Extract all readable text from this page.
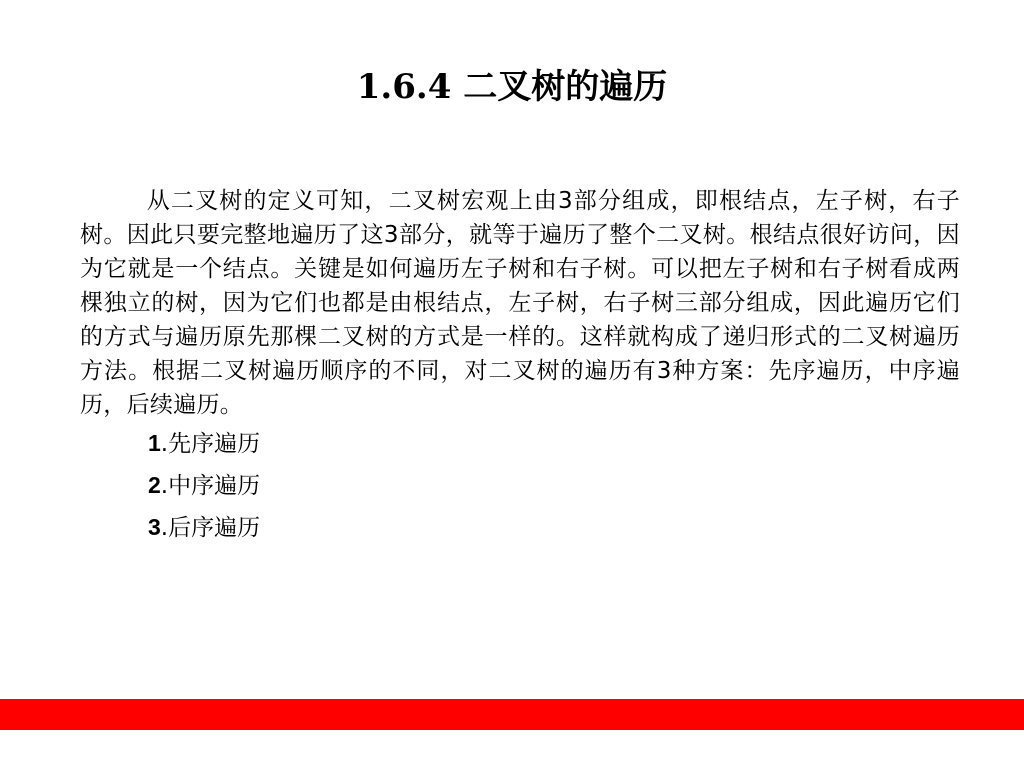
1.6.4 二叉树的遍历

从二叉树的定义可知，二叉树宏观上由3部分组成，即根结点，左子树，右子树。因此只要完整地遍历了这3部分，就等于遍历了整个二叉树。根结点很好访问，因为它就是一个结点。关键是如何遍历左子树和右子树。可以把左子树和右子树看成两棵独立的树，因为它们也都是由根结点，左子树，右子树三部分组成，因此遍历它们的方式与遍历原先那棵二叉树的方式是一样的。这样就构成了递归形式的二叉树遍历方法。根据二叉树遍历顺序的不同，对二叉树的遍历有3种方案：先序遍历，中序遍历，后续遍历。

1.先序遍历
2.中序遍历
3.后序遍历
